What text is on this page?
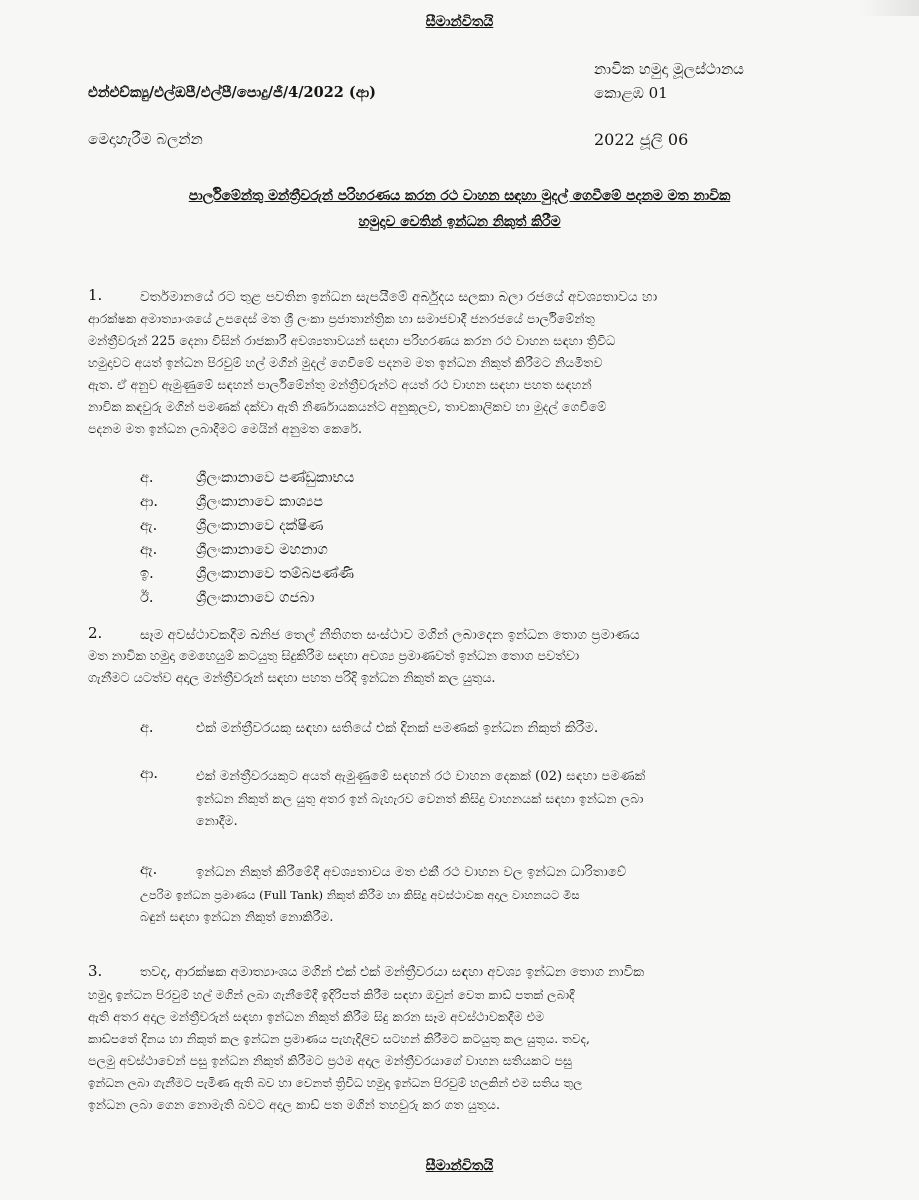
සීමාන්විතයි

නාවික හමුදා මූලස්ථානය

එන්එච්ක්‍යු/එල්ඔපී/එල්පී/පොදු/ජී/4/2022 (ආ)	කොළඹ 01

මෙදාහැරීම බලන්න	2022 ජූලි 06

පාර්ලිමේන්තු මන්ත්‍රීවරුන් පරිහරණය කරන රථ වාහන සඳහා මුදල් ගෙවීමේ පදනම මත නාවික

හමුදාව වෙතින් ඉන්ධන නිකුත් කිරීම

1.	වර්තමානයේ රට තුළ පවතින ඉන්ධන සැපයීමේ අර්බුදය සලකා බලා රජයේ අවශ්‍යතාවය හා
ආරක්ෂක අමාත්‍යාංශයේ උපදෙස් මත ශ්‍රී ලංකා ප්‍රජාතාන්ත්‍රික හා සමාජවාදී ජනරජයේ පාර්ලිමේන්තු
මන්ත්‍රීවරුන් 225 දෙනා විසින් රාජකාරී අවශ්‍යතාවයන් සඳහා පරිහරණය කරන රථ වාහන සඳහා ත්‍රිවිධ
හමුදාවට අයත් ඉන්ධන පිරවුම් හල් මගින් මුදල් ගෙවීමේ පදනම මත ඉන්ධන නිකුත් කිරීමට නියමිතව
ඇත. ඒ අනුව ඇමුණුමේ සඳහන් පාර්ලිමේන්තු මන්ත්‍රීවරුන්ට අයත් රථ වාහන සඳහා පහත සඳහන්
නාවික කඳවුරු මගින් පමණක් දක්වා ඇති නිර්ණායකයන්ට අනුකූලව, තාවකාලිකව හා මුදල් ගෙවීමේ
පදනම මත ඉන්ධන ලබාදීමට මෙයින් අනුමත කෙරේ.

අ.	ශ්‍රීලංකානාවෙ පණ්ඩුකාභය

ආ.	ශ්‍රීලංකානාවෙ කාශ්‍යප

ඇ.	ශ්‍රීලංකානාවෙ දක්ෂිණ

ඈ.	ශ්‍රීලංකානාවෙ මහනාග

ඉ.	ශ්‍රීලංකානාවෙ තම්බපණ්ණි

ඊ.	ශ්‍රීලංකානාවෙ ගජබා

2.	සෑම අවස්ථාවකදීම ඛනිජ තෙල් නීතිගත සංස්ථාව මගින් ලබාදෙන ඉන්ධන තොග ප්‍රමාණය
මත නාවික හමුදා මෙහෙයුම් කටයුතු සිදුකිරීම සඳහා අවශ්‍ය ප්‍රමාණවත් ඉන්ධන තොග පවත්වා
ගැනීමට යටත්ව අදාල මන්ත්‍රීවරුන් සඳහා පහත පරිදි ඉන්ධන නිකුත් කල යුතුය.

අ.	එක් මන්ත්‍රීවරයකු සඳහා සතියේ එක් දිනක් පමණක් ඉන්ධන නිකුත් කිරීම.

ආ.	එක් මන්ත්‍රීවරයකුට අයත් ඇමුණුමේ සඳහන් රථ වාහන දෙකක් (02) සඳහා පමණක්
ඉන්ධන නිකුත් කල යුතු අතර ඉන් බැහැරව වෙනත් කිසිදු වාහනයක් සඳහා ඉන්ධන ලබා
නොදීම.

ඇ.	ඉන්ධන නිකුත් කිරීමේදී අවශ්‍යතාවය මත එකී රථ වාහන වල ඉන්ධන ධාරිතාවේ
උපරිම ඉන්ධන ප්‍රමාණය (Full Tank) නිකුත් කිරීම හා කිසිදු අවස්ථාවක අදාල වාහනයට මිස
බඳුන් සඳහා ඉන්ධන නිකුත් නොකිරීම.

3.	තවද, ආරක්ෂක අමාත්‍යාංශය මගින් එක් එක් මන්ත්‍රීවරයා සඳහා අවශ්‍ය ඉන්ධන තොග නාවික
හමුදා ඉන්ධන පිරවුම් හල් මගින් ලබා ගැනීමේදී ඉදිරිපත් කිරීම සඳහා ඔවුන් වෙත කාඩ් පතක් ලබාදී
ඇති අතර අදාල මන්ත්‍රීවරුන් සඳහා ඉන්ධන නිකුත් කිරීම සිදු කරන සෑම අවස්ථාවකදීම එම
කාඩ්පතේ දිනය හා නිකුත් කල ඉන්ධන ප්‍රමාණය පැහැදිලිව සටහන් කිරීමට කටයුතු කල යුතුය. තවද,
පලමු අවස්ථාවෙන් පසු ඉන්ධන නිකුත් කිරීමට ප්‍රථම අදාල මන්ත්‍රීවරයාගේ වාහන සතියකට පසු
ඉන්ධන ලබා ගැනීමට පැමිණ ඇති බව හා වෙනත් ත්‍රිවිධ හමුදා ඉන්ධන පිරවුම් හලකින් එම සතිය තුල
ඉන්ධන ලබා ගෙන නොමැති බවට අදාල කාඩ් පත මගින් තහවුරු කර ගත යුතුය.

සීමාන්විතයි
